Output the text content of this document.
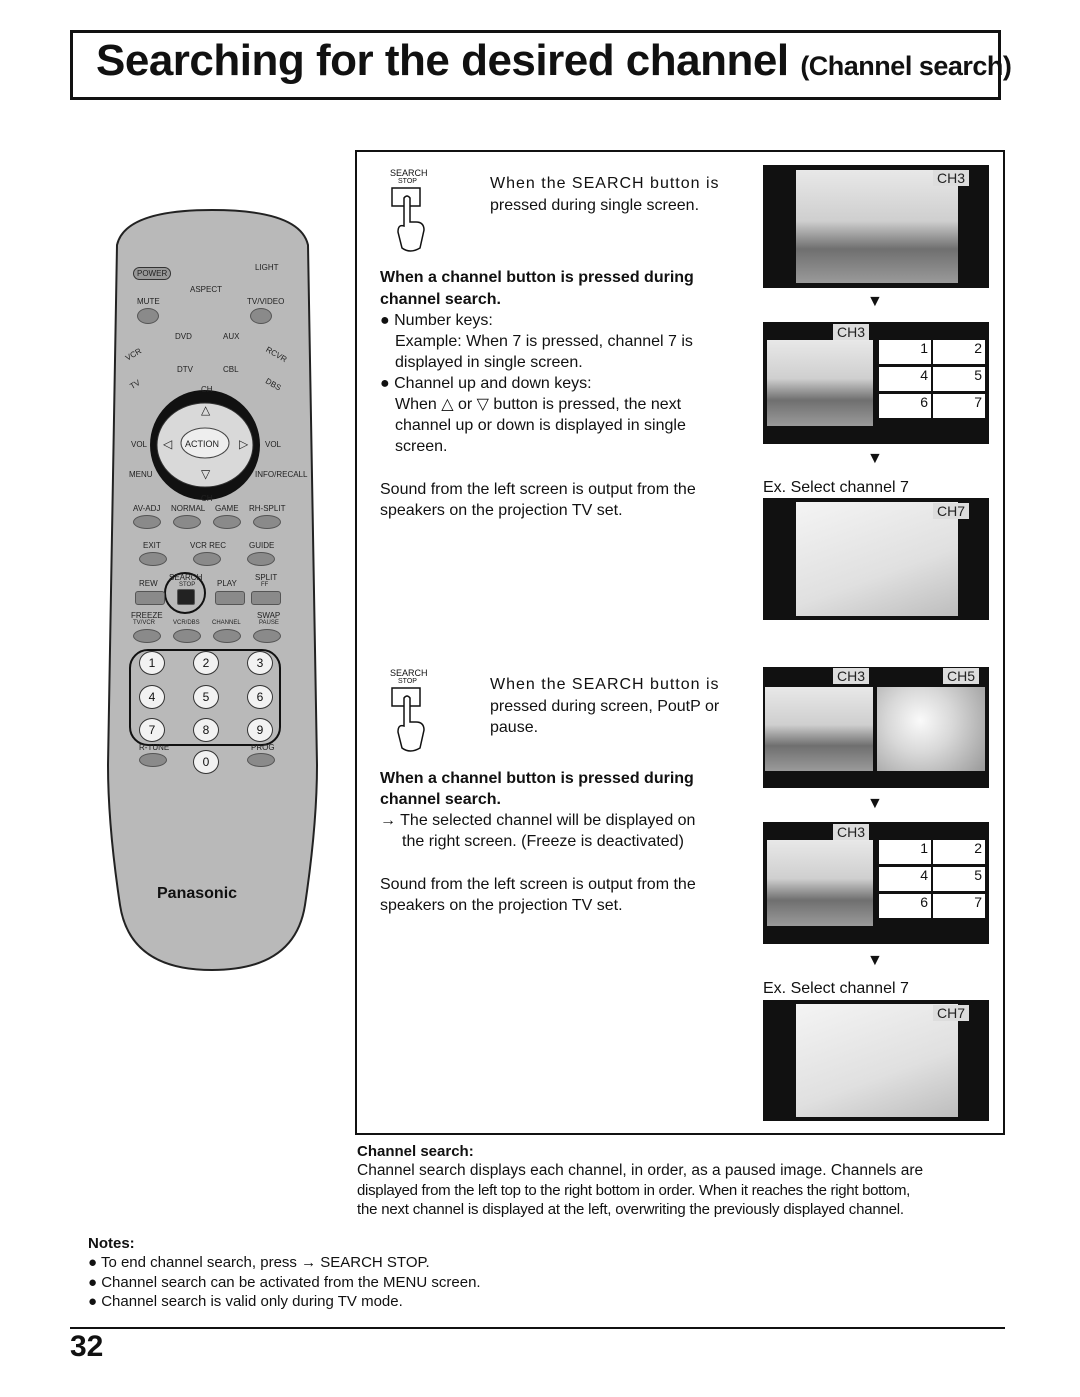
Searching for the desired channel (Channel search)
POWER
LIGHT
ASPECT
MUTE	TV/VIDEO
VCR
DVD	AUX
RCVR
TV
DTV	CBL
DBS
CH
△
VOL ◁ ACTION ▷ VOL
▽
MENU	INFO/RECALL
CH
AV-ADJ NORMAL GAME RH-SPLIT
EXIT	VCR REC	GUIDE
REW
SEARCH
STOP	PLAY
SPLIT
FF
FREEZE	SWAP
TV/VCR	VCR/DBS CHANNEL	PAUSE
1	2	3
4	5	6
7	8	9
R-TUNE	PROG
0
Panasonic
SEARCH
STOP	When the SEARCH button is
pressed during single screen.
When a channel button is pressed during
channel search.
● Number keys:
Example: When 7 is pressed, channel 7 is
displayed in single screen.
● Channel up and down keys:
When △ or ▽ button is pressed, the next
channel up or down is displayed in single
screen.
Sound from the left screen is output from the
speakers on the projection TV set.
CH3
▼
CH3
1	2
4	5
6	7
▼
Ex. Select channel 7
CH7
SEARCH
STOP	When the SEARCH button is
pressed during screen, PoutP or
pause.
When a channel button is pressed during
channel search.
→ The selected channel will be displayed on
the right screen. (Freeze is deactivated)
Sound from the left screen is output from the
speakers on the projection TV set.
CH3	CH5
▼
CH3
1	2
4	5
6	7
▼
Ex. Select channel 7
CH7
Channel search:
Channel search displays each channel, in order, as a paused image. Channels are
displayed from the left top to the right bottom in order. When it reaches the right bottom,
the next channel is displayed at the left, overwriting the previously displayed channel.
Notes:
● To end channel search, press → SEARCH STOP.
● Channel search can be activated from the MENU screen.
● Channel search is valid only during TV mode.
32
